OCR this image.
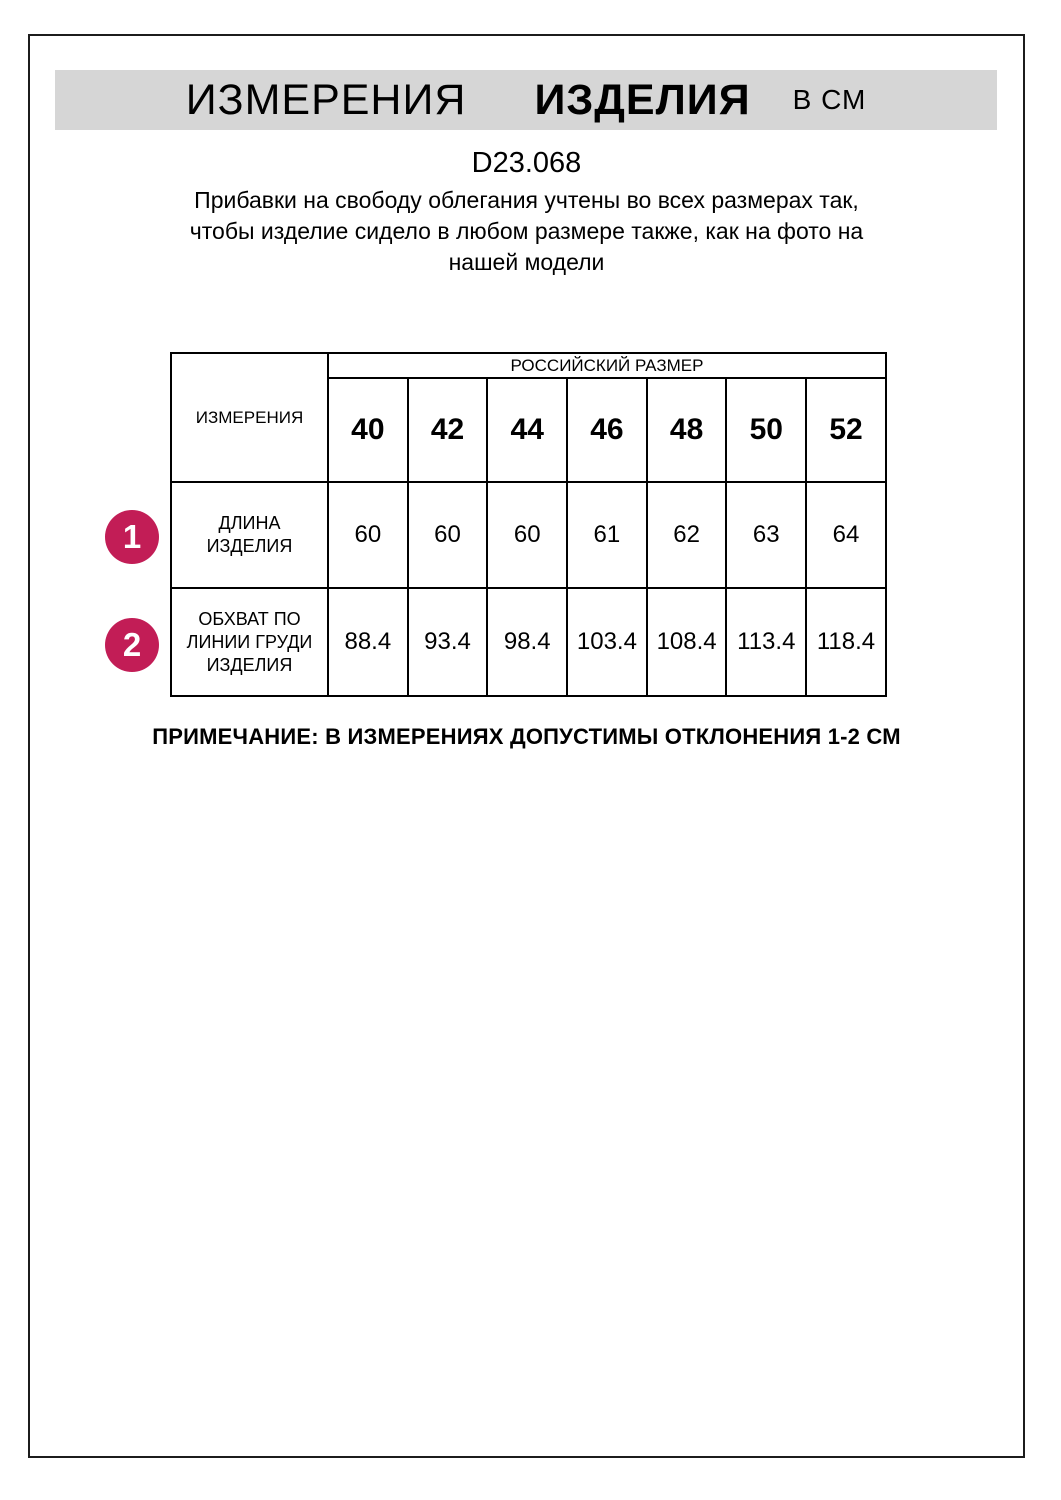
ИЗМЕРЕНИЯ ИЗДЕЛИЯ В СМ
D23.068
Прибавки на свободу облегания учтены во всех размерах так,
чтобы изделие сидело в любом размере также, как на фото на
нашей модели
ИЗМЕРЕНИЯ	РОССИЙСКИЙ РАЗМЕР						
	40	42	44	46	48	50	52
ДЛИНА ИЗДЕЛИЯ	60	60	60	61	62	63	64
ОБХВАТ ПО ЛИНИИ ГРУДИ ИЗДЕЛИЯ	88.4	93.4	98.4	103.4	108.4	113.4	118.4
1
2
ПРИМЕЧАНИЕ: В ИЗМЕРЕНИЯХ ДОПУСТИМЫ ОТКЛОНЕНИЯ 1-2 СМ
